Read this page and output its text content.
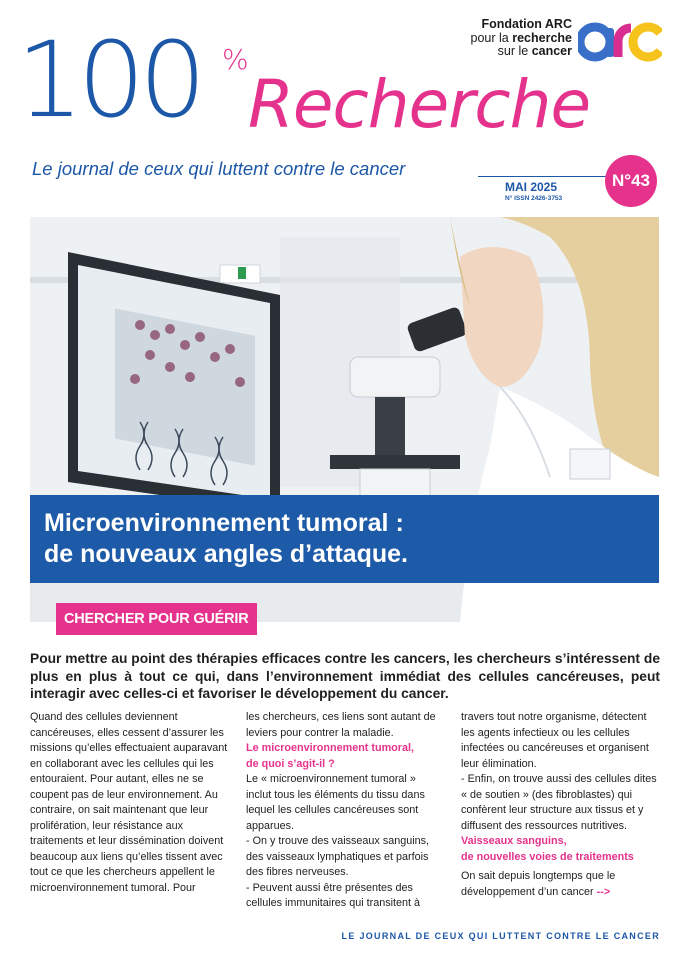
Fondation ARC
pour la recherche
sur le cancer
100 %
Recherche
Le journal de ceux qui luttent contre le cancer
MAI 2025
N° ISSN 2426-3753
N°43
Microenvironnement tumoral :
de nouveaux angles d’attaque.
CHERCHER POUR GUÉRIR

Pour mettre au point des thérapies efficaces contre les cancers, les chercheurs s’intéressent de plus en plus à tout ce qui, dans l’environnement immédiat des cellules cancéreuses, peut interagir avec celles-ci et favoriser le développement du cancer.

Quand des cellules deviennent cancéreuses, elles cessent d’assurer les missions qu’elles effectuaient auparavant en collaborant avec les cellules qui les entouraient. Pour autant, elles ne se coupent pas de leur environnement. Au contraire, on sait maintenant que leur prolifération, leur résistance aux traitements et leur dissémination doivent beaucoup aux liens qu’elles tissent avec tout ce que les chercheurs appellent le microenvironnement tumoral. Pour

les chercheurs, ces liens sont autant de leviers pour contrer la maladie.

Le microenvironnement tumoral,

de quoi s’agit-il ?

Le « microenvironnement tumoral » inclut tous les éléments du tissu dans lequel les cellules cancéreuses sont apparues.

- On y trouve des vaisseaux sanguins, des vaisseaux lymphatiques et parfois des fibres nerveuses.

- Peuvent aussi être présentes des cellules immunitaires qui transitent à

travers tout notre organisme, détectent les agents infectieux ou les cellules infectées ou cancéreuses et organisent leur élimination.

- Enfin, on trouve aussi des cellules dites « de soutien » (des fibroblastes) qui confèrent leur structure aux tissus et y diffusent des ressources nutritives.

Vaisseaux sanguins,

de nouvelles voies de traitements

On sait depuis longtemps que le développement d’un cancer -->

LE JOURNAL DE CEUX QUI LUTTENT CONTRE LE CANCER
